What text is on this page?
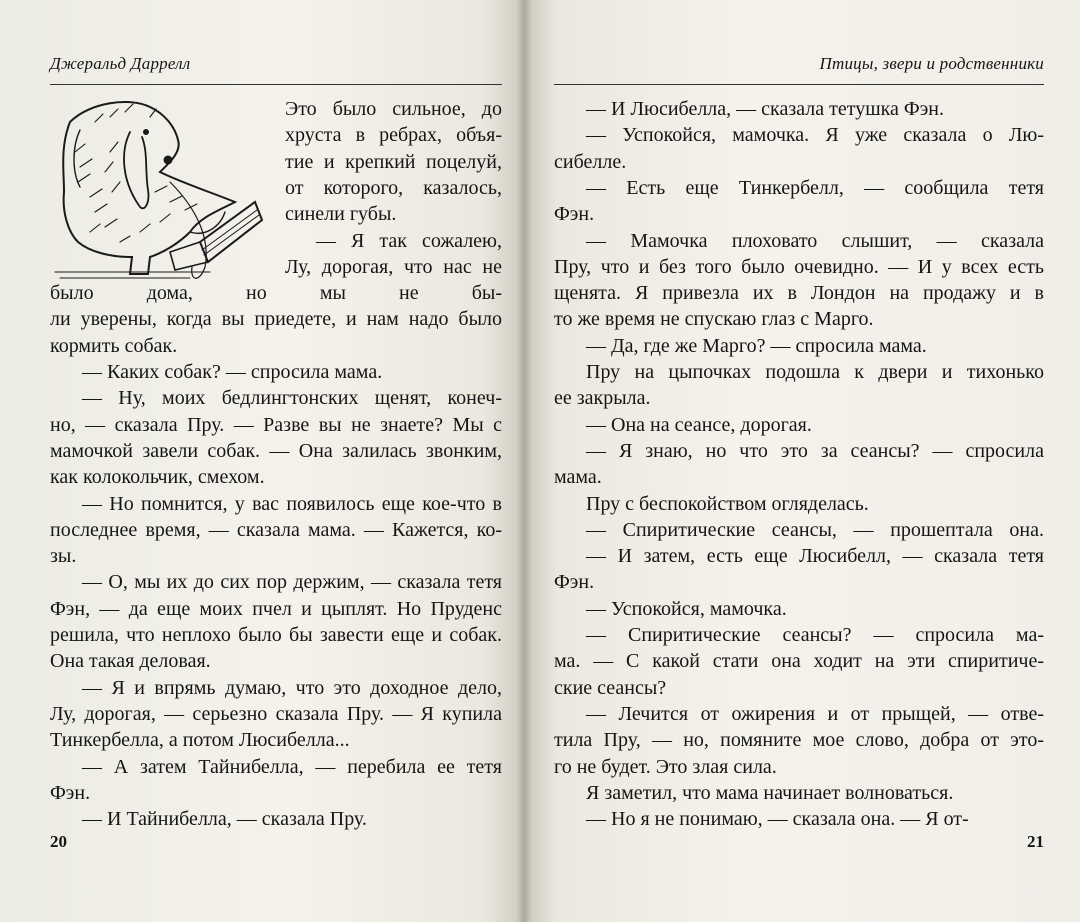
Джеральд Даррелл
Это было сильное, до
хруста в ребрах, объя-
тие и крепкий поцелуй,
от которого, казалось,
синели губы.
— Я так сожалею,
Лу, дорогая, что нас не
было дома, но мы не бы-
ли уверены, когда вы приедете, и нам надо было
кормить собак.
— Каких собак? — спросила мама.
— Ну, моих бедлингтонских щенят, конеч-
но, — сказала Пру. — Разве вы не знаете? Мы с
мамочкой завели собак. — Она залилась звонким,
как колокольчик, смехом.
— Но помнится, у вас появилось еще кое-что в
последнее время, — сказала мама. — Кажется, ко-
зы.
— О, мы их до сих пор держим, — сказала тетя
Фэн, — да еще моих пчел и цыплят. Но Пруденс
решила, что неплохо было бы завести еще и собак.
Она такая деловая.
— Я и впрямь думаю, что это доходное дело,
Лу, дорогая, — серьезно сказала Пру. — Я купила
Тинкербелла, а потом Люсибелла...
— А затем Тайнибелла, — перебила ее тетя
Фэн.
20
— И Тайнибелла, — сказала Пру.
Птицы, звери и родственники
— И Люсибелла, — сказала тетушка Фэн.
— Успокойся, мамочка. Я уже сказала о Лю-
сибелле.
— Есть еще Тинкербелл, — сообщила тетя
Фэн.
— Мамочка плоховато слышит, — сказала
Пру, что и без того было очевидно. — И у всех есть
щенята. Я привезла их в Лондон на продажу и в
то же время не спускаю глаз с Марго.
— Да, где же Марго? — спросила мама.
Пру на цыпочках подошла к двери и тихонько
ее закрыла.
— Она на сеансе, дорогая.
— Я знаю, но что это за сеансы? — спросила
мама.
Пру с беспокойством огляделась.
— Спиритические сеансы, — прошептала она.
— И затем, есть еще Люсибелл, — сказала тетя
Фэн.
— Успокойся, мамочка.
— Спиритические сеансы? — спросила ма-
ма. — С какой стати она ходит на эти спиритиче-
ские сеансы?
— Лечится от ожирения и от прыщей, — отве-
тила Пру, — но, помяните мое слово, добра от это-
го не будет. Это злая сила.
Я заметил, что мама начинает волноваться.
21
— Но я не понимаю, — сказала она. — Я от-
